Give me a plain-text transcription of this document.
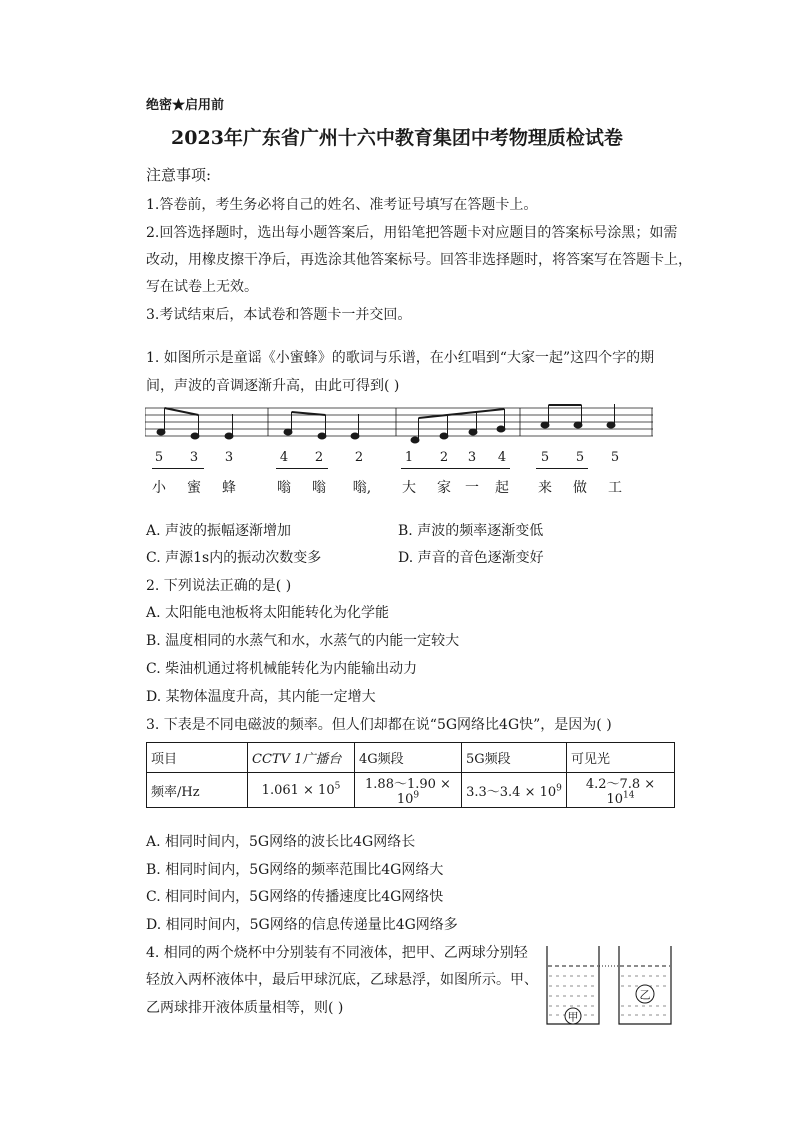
绝密★启用前
2023年广东省广州十六中教育集团中考物理质检试卷
注意事项:
1.答卷前，考生务必将自己的姓名、准考证号填写在答题卡上。
2.回答选择题时，选出每小题答案后，用铅笔把答题卡对应题目的答案标号涂黑；如需
改动，用橡皮擦干净后，再选涂其他答案标号。回答非选择题时，将答案写在答题卡上，
写在试卷上无效。
3.考试结束后，本试卷和答题卡一并交回。
1. 如图所示是童谣《小蜜蜂》的歌词与乐谱，在小红唱到“大家一起”这四个字的期
间，声波的音调逐渐升高，由此可得到( )
5 3 3	4 2 2	1 2 3 4	5 5 5
小 蜜 蜂	嗡 嗡 嗡, 大 家 一 起 来 做 工
A. 声波的振幅逐渐增加	B. 声波的频率逐渐变低
C. 声源1s内的振动次数变多	D. 声音的音色逐渐变好
2. 下列说法正确的是( )
A. 太阳能电池板将太阳能转化为化学能
B. 温度相同的水蒸气和水，水蒸气的内能一定较大
C. 柴油机通过将机械能转化为内能输出动力
D. 某物体温度升高，其内能一定增大
3. 下表是不同电磁波的频率。但人们却都在说“5G网络比4G快”，是因为( )
项目	CCTV 1广播台	4G频段	5G频段	可见光
频率/Hz	$1.061 \times 10^5$	1.88～1.90 × $10^9$	3.3～3.4 × $10^9$	4.2～7.8 × $10^{14}$
A. 相同时间内，5G网络的波长比4G网络长
B. 相同时间内，5G网络的频率范围比4G网络大
C. 相同时间内，5G网络的传播速度比4G网络快
D. 相同时间内，5G网络的信息传递量比4G网络多
4. 相同的两个烧杯中分别装有不同液体，把甲、乙两球分别轻
轻放入两杯液体中，最后甲球沉底，乙球悬浮，如图所示。甲、
乙两球排开液体质量相等，则( )
甲
乙
